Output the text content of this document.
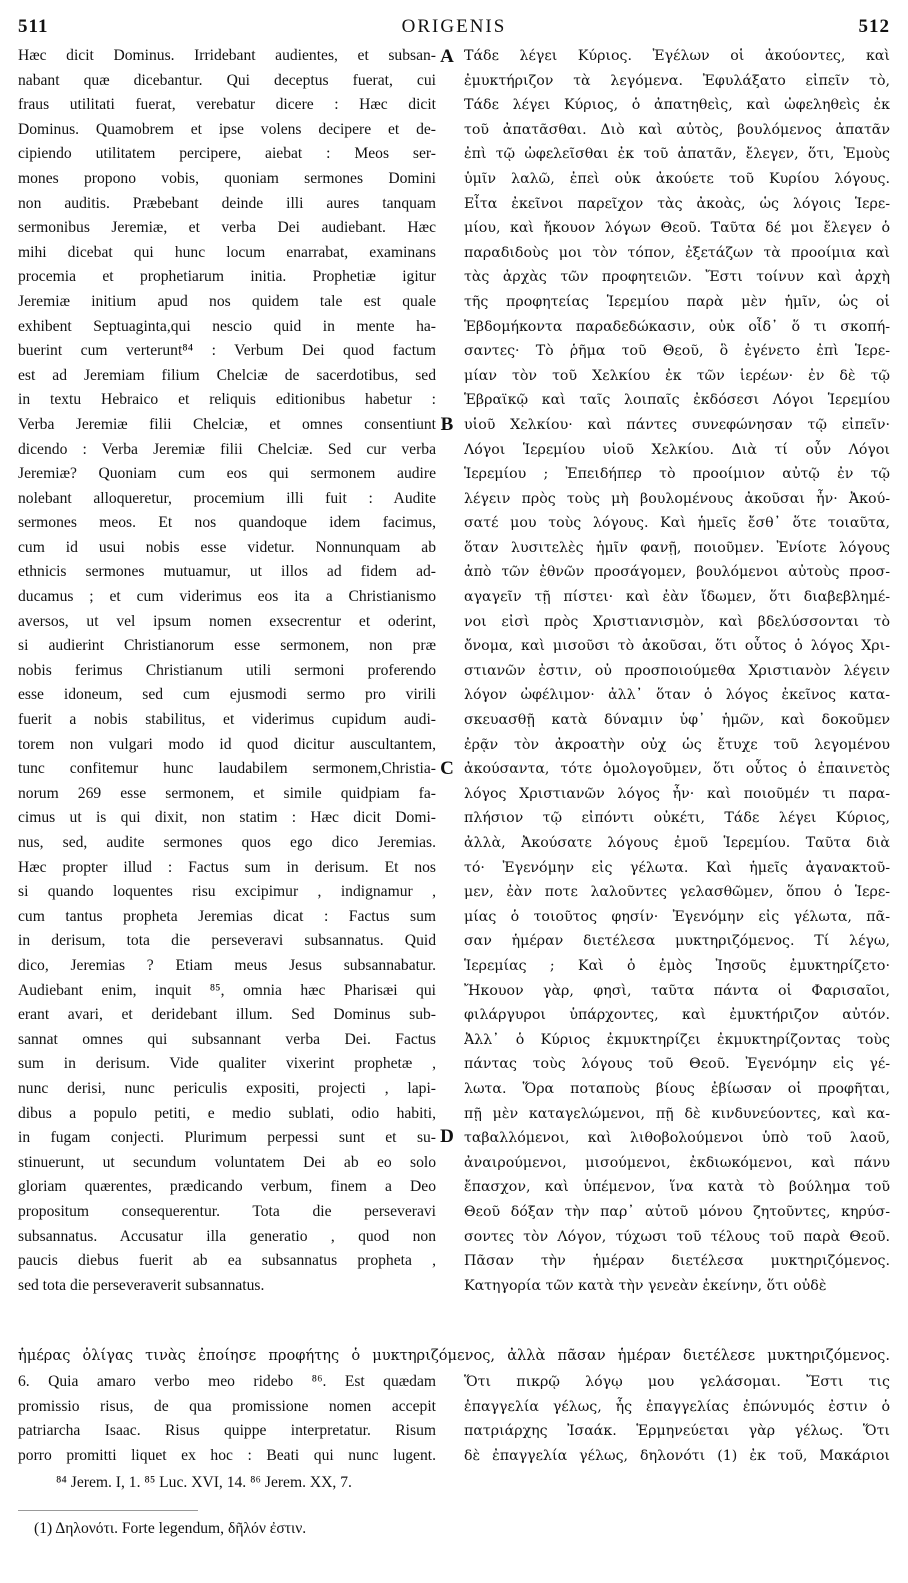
511	ORIGENIS	512
Hæc dicit Dominus. Irridebant audientes, et subsan-
nabant quæ dicebantur. Qui deceptus fuerat, cui
fraus utilitati fuerat, verebatur dicere : Hæc dicit
Dominus. Quamobrem et ipse volens decipere et de-
cipiendo utilitatem percipere, aiebat : Meos ser-
mones propono vobis, quoniam sermones Domini
non auditis. Præbebant deinde illi aures tanquam
sermonibus Jeremiæ, et verba Dei audiebant. Hæc
mihi dicebat qui hunc locum enarrabat, examinans
procemia et prophetiarum initia. Prophetiæ igitur
Jeremiæ initium apud nos quidem tale est quale
exhibent Septuaginta,qui nescio quid in mente ha-
buerint cum verterunt⁸⁴ : Verbum Dei quod factum
est ad Jeremiam filium Chelciæ de sacerdotibus, sed
in textu Hebraico et reliquis editionibus habetur :
Verba Jeremiæ filii Chelciæ, et omnes consentiunt
dicendo : Verba Jeremiæ filii Chelciæ. Sed cur verba
Jeremiæ? Quoniam cum eos qui sermonem audire
nolebant alloqueretur, procemium illi fuit : Audite
sermones meos. Et nos quandoque idem facimus,
cum id usui nobis esse videtur. Nonnunquam ab
ethnicis sermones mutuamur, ut illos ad fidem ad-
ducamus ; et cum viderimus eos ita a Christianismo
aversos, ut vel ipsum nomen exsecrentur et oderint,
si audierint Christianorum esse sermonem, non præ
nobis ferimus Christianum utili sermoni proferendo
esse idoneum, sed cum ejusmodi sermo pro virili
fuerit a nobis stabilitus, et viderimus cupidum audi-
torem non vulgari modo id quod dicitur auscultantem,
tunc confitemur hunc laudabilem sermonem,Christia-
norum 269 esse sermonem, et simile quidpiam fa-
cimus ut is qui dixit, non statim : Hæc dicit Domi-
nus, sed, audite sermones quos ego dico Jeremias.
Hæc propter illud : Factus sum in derisum. Et nos
si quando loquentes risu excipimur , indignamur ,
cum tantus propheta Jeremias dicat : Factus sum
in derisum, tota die perseveravi subsannatus. Quid
dico, Jeremias ? Etiam meus Jesus subsannabatur.
Audiebant enim, inquit ⁸⁵, omnia hæc Pharisæi qui
erant avari, et deridebant illum. Sed Dominus sub-
sannat omnes qui subsannant verba Dei. Factus
sum in derisum. Vide qualiter vixerint prophetæ ,
nunc derisi, nunc periculis expositi, projecti , lapi-
dibus a populo petiti, e medio sublati, odio habiti,
in fugam conjecti. Plurimum perpessi sunt et su-
stinuerunt, ut secundum voluntatem Dei ab eo solo
gloriam quærentes, prædicando verbum, finem a Deo
propositum consequerentur. Tota die perseveravi
subsannatus. Accusatur illa generatio , quod non
paucis diebus fuerit ab ea subsannatus propheta ,
sed tota die perseveraverit subsannatus.
Τάδε λέγει Κύριος. Ἐγέλων οἱ ἀκούοντες, καὶ
ἐμυκτήριζον τὰ λεγόμενα. Ἐφυλάξατο εἰπεῖν τὸ,
Τάδε λέγει Κύριος, ὁ ἀπατηθεὶς, καὶ ὠφεληθεὶς ἐκ
τοῦ ἀπατᾶσθαι. Διὸ καὶ αὐτὸς, βουλόμενος ἀπατᾶν
ἐπὶ τῷ ὠφελεῖσθαι ἐκ τοῦ ἀπατᾶν, ἔλεγεν, ὅτι, Ἐμοὺς
ὑμῖν λαλῶ, ἐπεὶ οὐκ ἀκούετε τοῦ Κυρίου λόγους.
Εἶτα ἐκεῖνοι παρεῖχον τὰς ἀκοὰς, ὡς λόγοις Ἱερε-
μίου, καὶ ἤκουον λόγων Θεοῦ. Ταῦτα δέ μοι ἔλεγεν ὁ
παραδιδοὺς μοι τὸν τόπον, ἐξετάζων τὰ προοίμια καὶ
τὰς ἀρχὰς τῶν προφητειῶν. Ἔστι τοίνυν καὶ ἀρχὴ
τῆς προφητείας Ἱερεμίου παρὰ μὲν ἡμῖν, ὡς οἱ
Ἑβδομήκοντα παραδεδώκασιν, οὐκ οἶδ᾽ ὅ τι σκοπή-
σαντες· Τὸ ῥῆμα τοῦ Θεοῦ, ὃ ἐγένετο ἐπὶ Ἱερε-
μίαν τὸν τοῦ Χελκίου ἐκ τῶν ἱερέων· ἐν δὲ τῷ
Ἑβραϊκῷ καὶ ταῖς λοιπαῖς ἐκδόσεσι Λόγοι Ἱερεμίου
υἱοῦ Χελκίου· καὶ πάντες συνεφώνησαν τῷ εἰπεῖν·
Λόγοι Ἱερεμίου υἱοῦ Χελκίου. Διὰ τί οὖν Λόγοι
Ἱερεμίου ; Ἐπειδήπερ τὸ προοίμιον αὐτῷ ἐν τῷ
λέγειν πρὸς τοὺς μὴ βουλομένους ἀκοῦσαι ἦν· Ἀκού-
σατέ μου τοὺς λόγους. Καὶ ἡμεῖς ἔσθ᾽ ὅτε τοιαῦτα,
ὅταν λυσιτελὲς ἡμῖν φανῇ, ποιοῦμεν. Ἐνίοτε λόγους
ἀπὸ τῶν ἐθνῶν προσάγομεν, βουλόμενοι αὐτοὺς προσ-
αγαγεῖν τῇ πίστει· καὶ ἐὰν ἴδωμεν, ὅτι διαβεβλημέ-
νοι εἰσὶ πρὸς Χριστιανισμὸν, καὶ βδελύσσονται τὸ
ὄνομα, καὶ μισοῦσι τὸ ἀκοῦσαι, ὅτι οὗτος ὁ λόγος Χρι-
στιανῶν ἐστιν, οὐ προσποιούμεθα Χριστιανὸν λέγειν
λόγον ὠφέλιμον· ἀλλ᾽ ὅταν ὁ λόγος ἐκεῖνος κατα-
σκευασθῇ κατὰ δύναμιν ὑφ᾽ ἡμῶν, καὶ δοκοῦμεν
ἐρᾷν τὸν ἀκροατὴν οὐχ ὡς ἔτυχε τοῦ λεγομένου
ἀκούσαντα, τότε ὁμολογοῦμεν, ὅτι οὗτος ὁ ἐπαινετὸς
λόγος Χριστιανῶν λόγος ἦν· καὶ ποιοῦμέν τι παρα-
πλήσιον τῷ εἰπόντι οὐκέτι, Τάδε λέγει Κύριος,
ἀλλὰ, Ἀκούσατε λόγους ἐμοῦ Ἱερεμίου. Ταῦτα διὰ
τό· Ἐγενόμην εἰς γέλωτα. Καὶ ἡμεῖς ἀγανακτοῦ-
μεν, ἐὰν ποτε λαλοῦντες γελασθῶμεν, ὅπου ὁ Ἱερε-
μίας ὁ τοιοῦτος φησίν· Ἐγενόμην εἰς γέλωτα, πᾶ-
σαν ἡμέραν διετέλεσα μυκτηριζόμενος. Τί λέγω,
Ἱερεμίας ; Καὶ ὁ ἐμὸς Ἰησοῦς ἐμυκτηρίζετο·
Ἤκουον γὰρ, φησὶ, ταῦτα πάντα οἱ Φαρισαῖοι,
φιλάργυροι ὑπάρχοντες, καὶ ἐμυκτήριζον αὐτόν.
Ἀλλ᾽ ὁ Κύριος ἐκμυκτηρίζει ἐκμυκτηρίζοντας τοὺς
πάντας τοὺς λόγους τοῦ Θεοῦ. Ἐγενόμην εἰς γέ-
λωτα. Ὅρα ποταποὺς βίους ἐβίωσαν οἱ προφῆται,
πῇ μὲν καταγελώμενοι, πῇ δὲ κινδυνεύοντες, καὶ κα-
ταβαλλόμενοι, καὶ λιθοβολούμενοι ὑπὸ τοῦ λαοῦ,
ἀναιρούμενοι, μισούμενοι, ἐκδιωκόμενοι, καὶ πάνυ
ἔπασχον, καὶ ὑπέμενον, ἵνα κατὰ τὸ βούλημα τοῦ
Θεοῦ δόξαν τὴν παρ᾽ αὐτοῦ μόνου ζητοῦντες, κηρύσ-
σοντες τὸν Λόγον, τύχωσι τοῦ τέλους τοῦ παρὰ Θεοῦ.
Πᾶσαν τὴν ἡμέραν διετέλεσα μυκτηριζόμενος.
Κατηγορία τῶν κατὰ τὴν γενεὰν ἐκείνην, ὅτι οὐδὲ
A
B
C
D
ἡμέρας ὀλίγας τινὰς ἐποίησε προφήτης ὁ μυκτηριζόμενος, ἀλλὰ πᾶσαν ἡμέραν διετέλεσε μυκτηριζόμενος.
6. Quia amaro verbo meo ridebo ⁸⁶. Est quædam
promissio risus, de qua promissione nomen accepit
patriarcha Isaac. Risus quippe interpretatur. Risum
porro promitti liquet ex hoc : Beati qui nunc lugent.
Ὅτι πικρῷ λόγῳ μου γελάσομαι. Ἔστι τις
ἐπαγγελία γέλως, ἧς ἐπαγγελίας ἐπώνυμός ἐστιν ὁ
πατριάρχης Ἰσαάκ. Ἑρμηνεύεται γὰρ γέλως. Ὅτι
δὲ ἐπαγγελία γέλως, δηλονότι (1) ἐκ τοῦ, Μακάριοι
⁸⁴ Jerem. I, 1. ⁸⁵ Luc. XVI, 14. ⁸⁶ Jerem. XX, 7.
(1) Δηλονότι. Forte legendum, δῆλόν ἐστιν.
